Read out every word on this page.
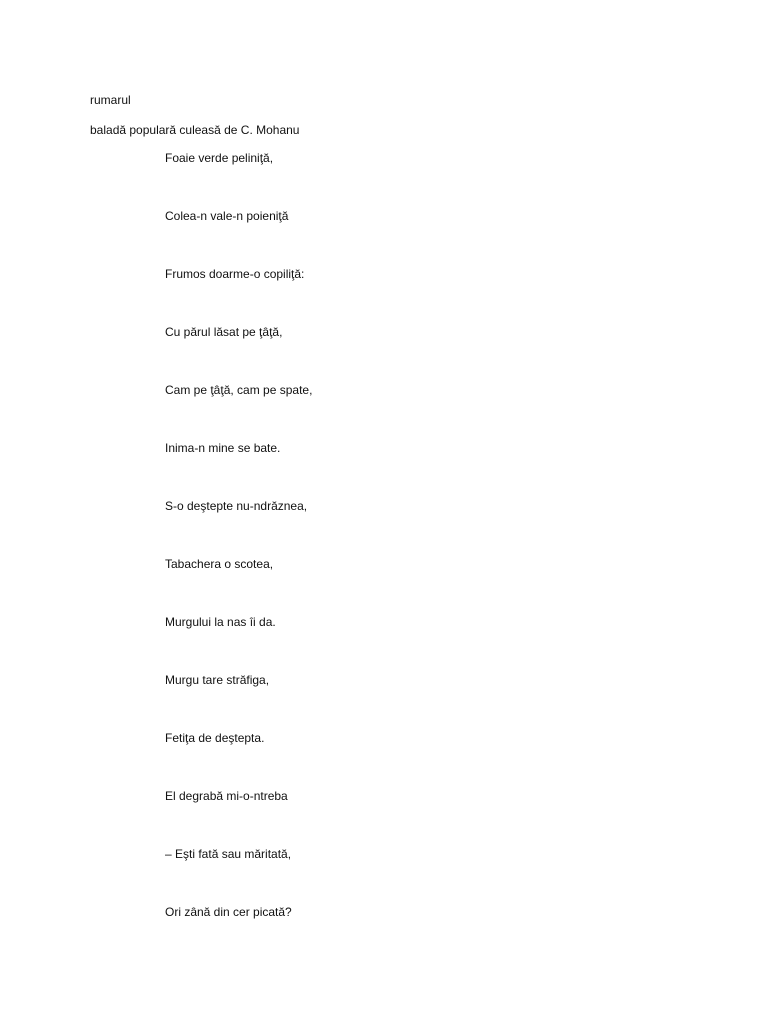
rumarul
baladă populară culeasă de C. Mohanu
Foaie verde peliniţă,
Colea-n vale-n poieniţă
Frumos doarme-o copiliţă:
Cu părul lăsat pe ţâţă,
Cam pe ţâţă, cam pe spate,
Inima-n mine se bate.
S-o deştepte nu-ndrăznea,
Tabachera o scotea,
Murgului la nas îi da.
Murgu tare străfiga,
Fetiţa de deştepta.
El degrabă mi-o-ntreba
– Eşti fată sau măritată,
Ori zână din cer picată?
